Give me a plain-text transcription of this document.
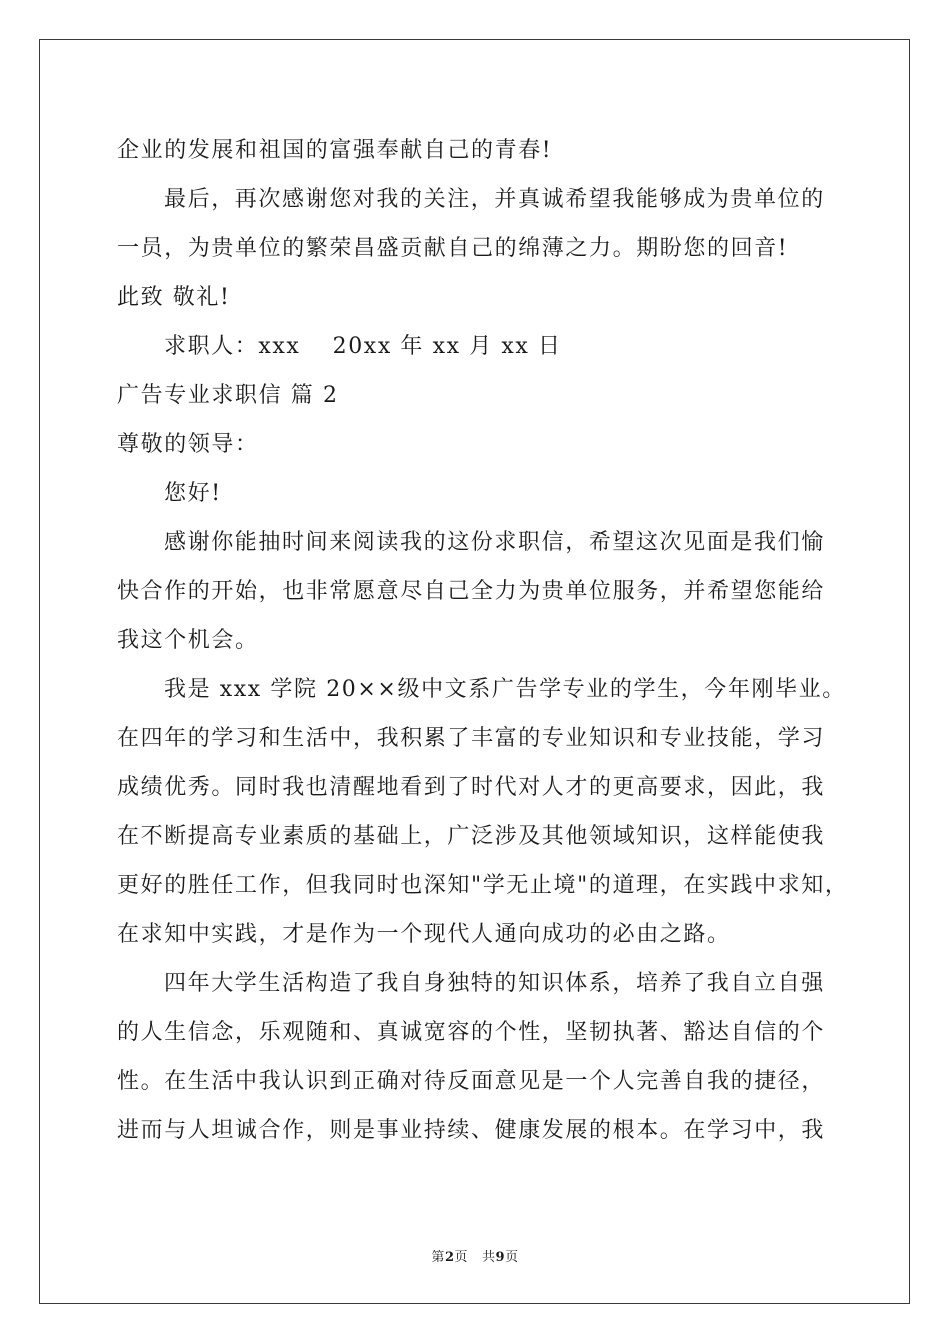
企业的发展和祖国的富强奉献自己的青春!
最后，再次感谢您对我的关注，并真诚希望我能够成为贵单位的
一员，为贵单位的繁荣昌盛贡献自己的绵薄之力。期盼您的回音!
此致 敬礼!
求职人：xxx　 20xx 年 xx 月 xx 日
广告专业求职信 篇 2
尊敬的领导：
您好!
感谢你能抽时间来阅读我的这份求职信，希望这次见面是我们愉
快合作的开始，也非常愿意尽自己全力为贵单位服务，并希望您能给
我这个机会。
我是 xxx 学院 20××级中文系广告学专业的学生，今年刚毕业。
在四年的学习和生活中，我积累了丰富的专业知识和专业技能，学习
成绩优秀。同时我也清醒地看到了时代对人才的更高要求，因此，我
在不断提高专业素质的基础上，广泛涉及其他领域知识，这样能使我
更好的胜任工作，但我同时也深知"学无止境"的道理，在实践中求知，
在求知中实践，才是作为一个现代人通向成功的必由之路。
四年大学生活构造了我自身独特的知识体系，培养了我自立自强
的人生信念，乐观随和、真诚宽容的个性，坚韧执著、豁达自信的个
性。在生活中我认识到正确对待反面意见是一个人完善自我的捷径，
进而与人坦诚合作，则是事业持续、健康发展的根本。在学习中，我
第2页 共9页
